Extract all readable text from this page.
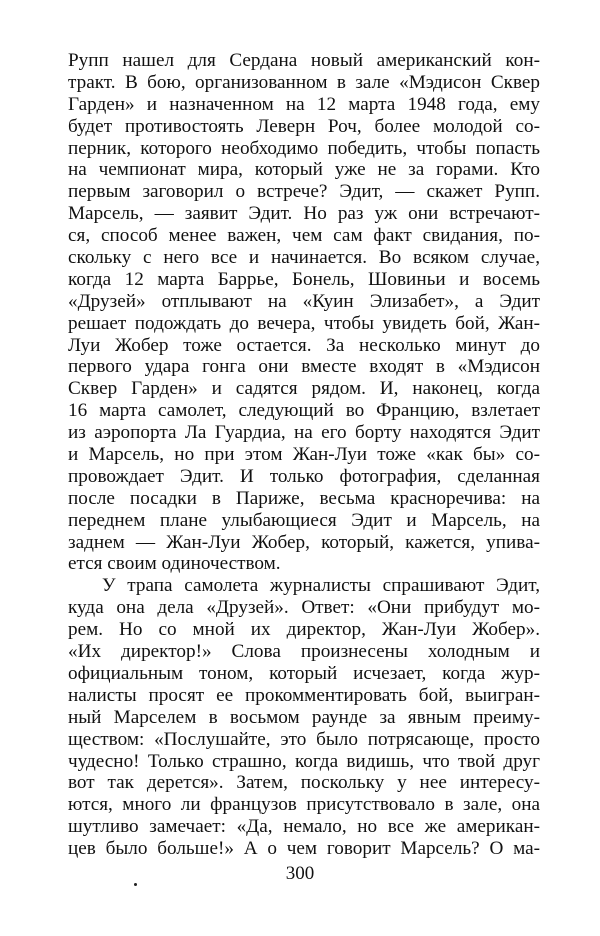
Рупп нашел для Сердана новый американский кон-
тракт. В бою, организованном в зале «Мэдисон Сквер
Гарден» и назначенном на 12 марта 1948 года, ему
будет противостоять Леверн Роч, более молодой со-
перник, которого необходимо победить, чтобы попасть
на чемпионат мира, который уже не за горами. Кто
первым заговорил о встрече? Эдит, — скажет Рупп.
Марсель, — заявит Эдит. Но раз уж они встречают-
ся, способ менее важен, чем сам факт свидания, по-
скольку с него все и начинается. Во всяком случае,
когда 12 марта Баррье, Бонель, Шовиньи и восемь
«Друзей» отплывают на «Куин Элизабет», а Эдит
решает подождать до вечера, чтобы увидеть бой, Жан-
Луи Жобер тоже остается. За несколько минут до
первого удара гонга они вместе входят в «Мэдисон
Сквер Гарден» и садятся рядом. И, наконец, когда
16 марта самолет, следующий во Францию, взлетает
из аэропорта Ла Гуардиа, на его борту находятся Эдит
и Марсель, но при этом Жан-Луи тоже «как бы» со-
провождает Эдит. И только фотография, сделанная
после посадки в Париже, весьма красноречива: на
переднем плане улыбающиеся Эдит и Марсель, на
заднем — Жан-Луи Жобер, который, кажется, упива-
ется своим одиночеством.
У трапа самолета журналисты спрашивают Эдит,
куда она дела «Друзей». Ответ: «Они прибудут мо-
рем. Но со мной их директор, Жан-Луи Жобер».
«Их директор!» Слова произнесены холодным и
официальным тоном, который исчезает, когда жур-
налисты просят ее прокомментировать бой, выигран-
ный Марселем в восьмом раунде за явным преиму-
ществом: «Послушайте, это было потрясающе, просто
чудесно! Только страшно, когда видишь, что твой друг
вот так дерется». Затем, поскольку у нее интересу-
ются, много ли французов присутствовало в зале, она
шутливо замечает: «Да, немало, но все же американ-
цев было больше!» А о чем говорит Марсель? О ма-
300
